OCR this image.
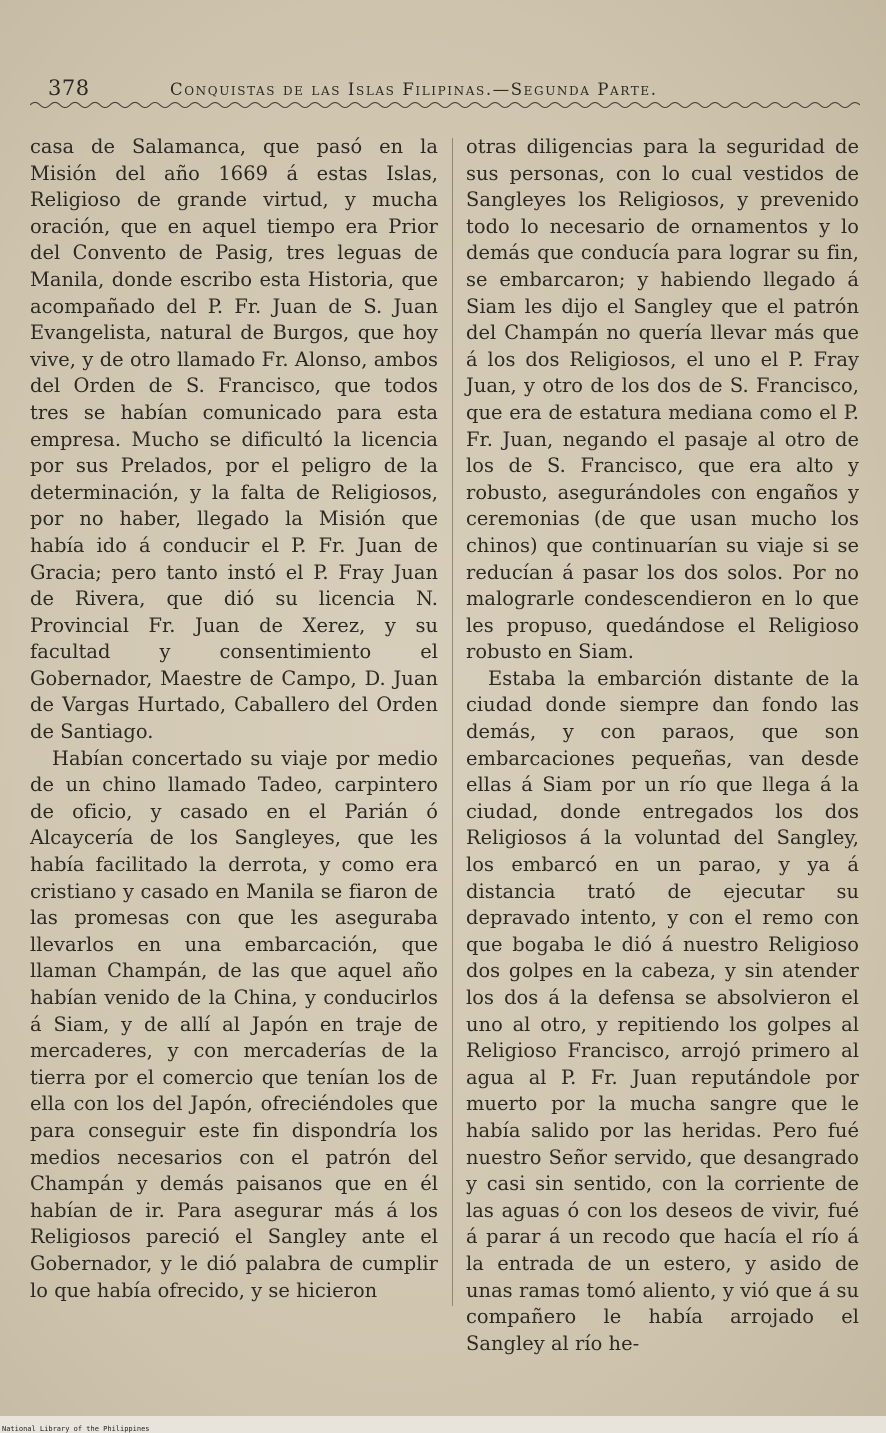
378	Conquistas de las Islas Filipinas.—Segunda Parte.

casa de Salamanca, que pasó en la Misión del año 1669 á estas Islas, Religioso de grande virtud, y mucha oración, que en aquel tiempo era Prior del Convento de Pasig, tres leguas de Manila, donde escribo esta Historia, que acompañado del P. Fr. Juan de S. Juan Evangelista, natural de Burgos, que hoy vive, y de otro llamado Fr. Alonso, ambos del Orden de S. Francisco, que todos tres se habían comunicado para esta empresa. Mucho se dificultó la licencia por sus Prelados, por el peligro de la determinación, y la falta de Religiosos, por no haber, llegado la Misión que había ido á conducir el P. Fr. Juan de Gracia; pero tanto instó el P. Fray Juan de Rivera, que dió su licencia N. Provincial Fr. Juan de Xerez, y su facultad y consentimiento el Gobernador, Maestre de Campo, D. Juan de Vargas Hurtado, Caballero del Orden de Santiago.

Habían concertado su viaje por medio de un chino llamado Tadeo, carpintero de oficio, y casado en el Parián ó Alcaycería de los Sangleyes, que les había facilitado la derrota, y como era cristiano y casado en Manila se fiaron de las promesas con que les aseguraba llevarlos en una embarcación, que llaman Champán, de las que aquel año habían venido de la China, y conducirlos á Siam, y de allí al Japón en traje de mercaderes, y con mercaderías de la tierra por el comercio que tenían los de ella con los del Japón, ofreciéndoles que para conseguir este fin dispondría los medios necesarios con el patrón del Champán y demás paisanos que en él habían de ir. Para asegurar más á los Religiosos pareció el Sangley ante el Gobernador, y le dió palabra de cumplir lo que había ofrecido, y se hicieron

otras diligencias para la seguridad de sus personas, con lo cual vestidos de Sangleyes los Religiosos, y prevenido todo lo necesario de ornamentos y lo demás que conducía para lograr su fin, se embarcaron; y habiendo llegado á Siam les dijo el Sangley que el patrón del Champán no quería llevar más que á los dos Religiosos, el uno el P. Fray Juan, y otro de los dos de S. Francisco, que era de estatura mediana como el P. Fr. Juan, negando el pasaje al otro de los de S. Francisco, que era alto y robusto, asegurándoles con engaños y ceremonias (de que usan mucho los chinos) que continuarían su viaje si se reducían á pasar los dos solos. Por no malograrle condescendieron en lo que les propuso, quedándose el Religioso robusto en Siam.

Estaba la embarción distante de la ciudad donde siempre dan fondo las demás, y con paraos, que son embarcaciones pequeñas, van desde ellas á Siam por un río que llega á la ciudad, donde entregados los dos Religiosos á la voluntad del Sangley, los embarcó en un parao, y ya á distancia trató de ejecutar su depravado intento, y con el remo con que bogaba le dió á nuestro Religioso dos golpes en la cabeza, y sin atender los dos á la defensa se absolvieron el uno al otro, y repitiendo los golpes al Religioso Francisco, arrojó primero al agua al P. Fr. Juan reputándole por muerto por la mucha sangre que le había salido por las heridas. Pero fué nuestro Señor servido, que desangrado y casi sin sentido, con la corriente de las aguas ó con los deseos de vivir, fué á parar á un recodo que hacía el río á la entrada de un estero, y asido de unas ramas tomó aliento, y vió que á su compañero le había arrojado el Sangley al río he-

National Library of the Philippines
